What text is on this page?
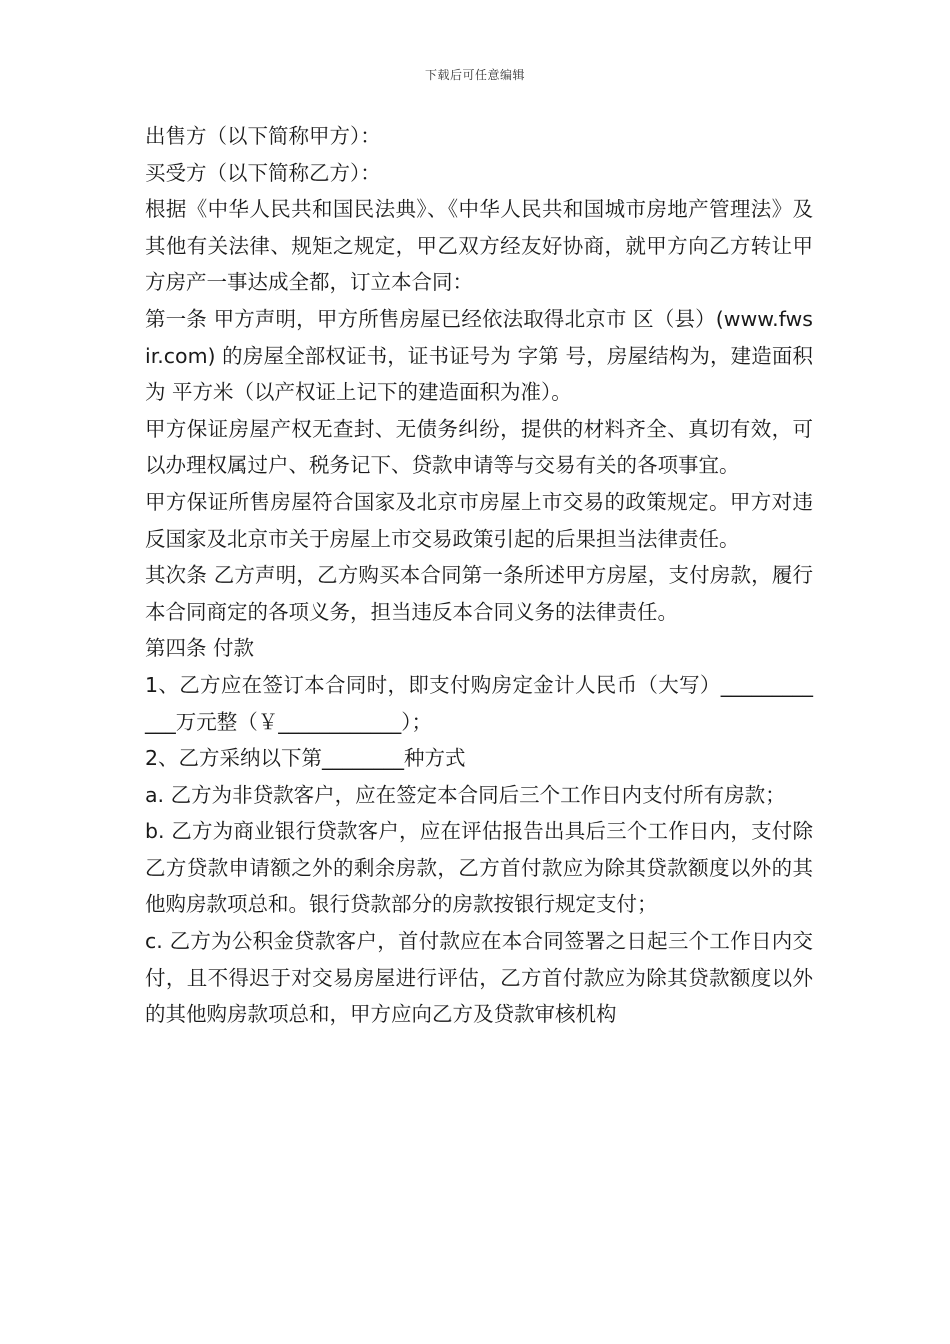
下载后可任意编辑

出售方（以下简称甲方）：

买受方（以下简称乙方）：

根据《中华人民共和国民法典》、《中华人民共和国城市房地产管理法》及其他有关法律、规矩之规定，甲乙双方经友好协商，就甲方向乙方转让甲方房产一事达成全都，订立本合同：

第一条 甲方声明，甲方所售房屋已经依法取得北京市 区（县）(www.fwsir.com) 的房屋全部权证书，证书证号为 字第 号，房屋结构为，建造面积为 平方米（以产权证上记下的建造面积为准）。

甲方保证房屋产权无查封、无债务纠纷，提供的材料齐全、真切有效，可以办理权属过户、税务记下、贷款申请等与交易有关的各项事宜。

甲方保证所售房屋符合国家及北京市房屋上市交易的政策规定。甲方对违反国家及北京市关于房屋上市交易政策引起的后果担当法律责任。

其次条 乙方声明，乙方购买本合同第一条所述甲方房屋，支付房款，履行本合同商定的各项义务，担当违反本合同义务的法律责任。

第四条 付款

1、乙方应在签订本合同时，即支付购房定金计人民币（大写）____________万元整（￥____________）；

2、乙方采纳以下第________种方式

a. 乙方为非贷款客户，应在签定本合同后三个工作日内支付所有房款；

b. 乙方为商业银行贷款客户，应在评估报告出具后三个工作日内，支付除乙方贷款申请额之外的剩余房款，乙方首付款应为除其贷款额度以外的其他购房款项总和。银行贷款部分的房款按银行规定支付；

c. 乙方为公积金贷款客户，首付款应在本合同签署之日起三个工作日内交付，且不得迟于对交易房屋进行评估，乙方首付款应为除其贷款额度以外的其他购房款项总和，甲方应向乙方及贷款审核机构
